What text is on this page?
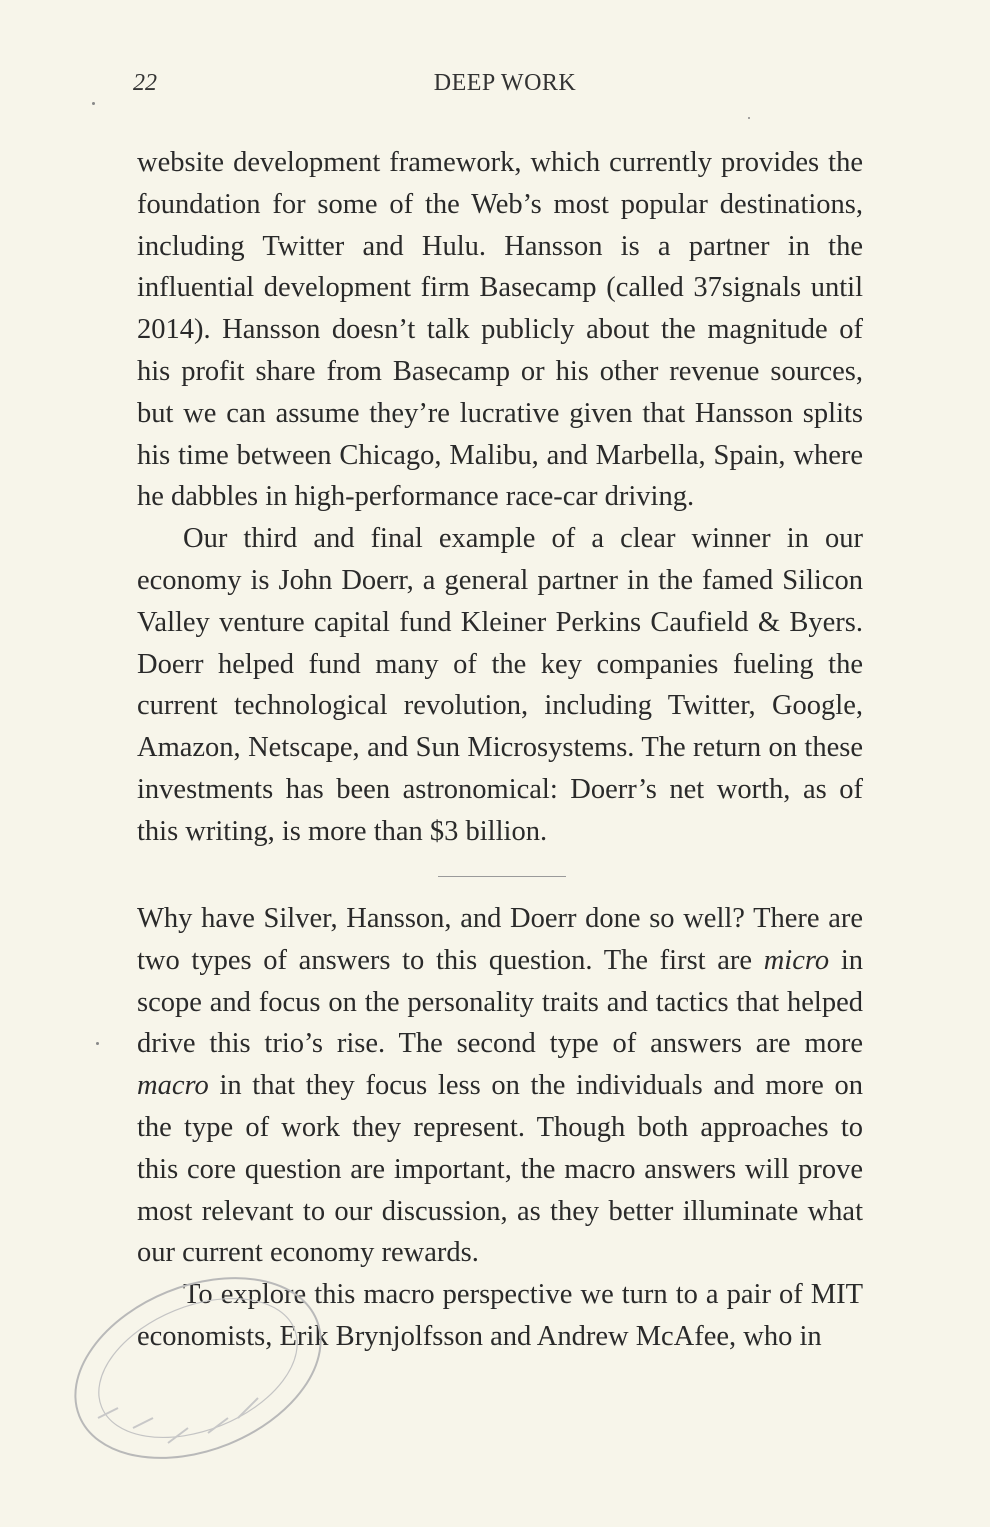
22	DEEP WORK

website development framework, which currently provides the foundation for some of the Web’s most popular destinations, including Twitter and Hulu. Hansson is a partner in the influential development firm Basecamp (called 37signals until 2014). Hansson doesn’t talk publicly about the magnitude of his profit share from Basecamp or his other revenue sources, but we can assume they’re lucrative given that Hansson splits his time between Chicago, Malibu, and Marbella, Spain, where he dabbles in high-performance race-car driving.

Our third and final example of a clear winner in our economy is John Doerr, a general partner in the famed Silicon Valley venture capital fund Kleiner Perkins Caufield & Byers. Doerr helped fund many of the key companies fueling the current technological revolution, including Twitter, Google, Amazon, Netscape, and Sun Microsystems. The return on these investments has been astronomical: Doerr’s net worth, as of this writing, is more than $3 billion.

Why have Silver, Hansson, and Doerr done so well? There are two types of answers to this question. The first are micro in scope and focus on the personality traits and tactics that helped drive this trio’s rise. The second type of answers are more macro in that they focus less on the individuals and more on the type of work they represent. Though both approaches to this core question are important, the macro answers will prove most relevant to our discussion, as they better illuminate what our current economy rewards.

To explore this macro perspective we turn to a pair of MIT economists, Erik Brynjolfsson and Andrew McAfee, who in
